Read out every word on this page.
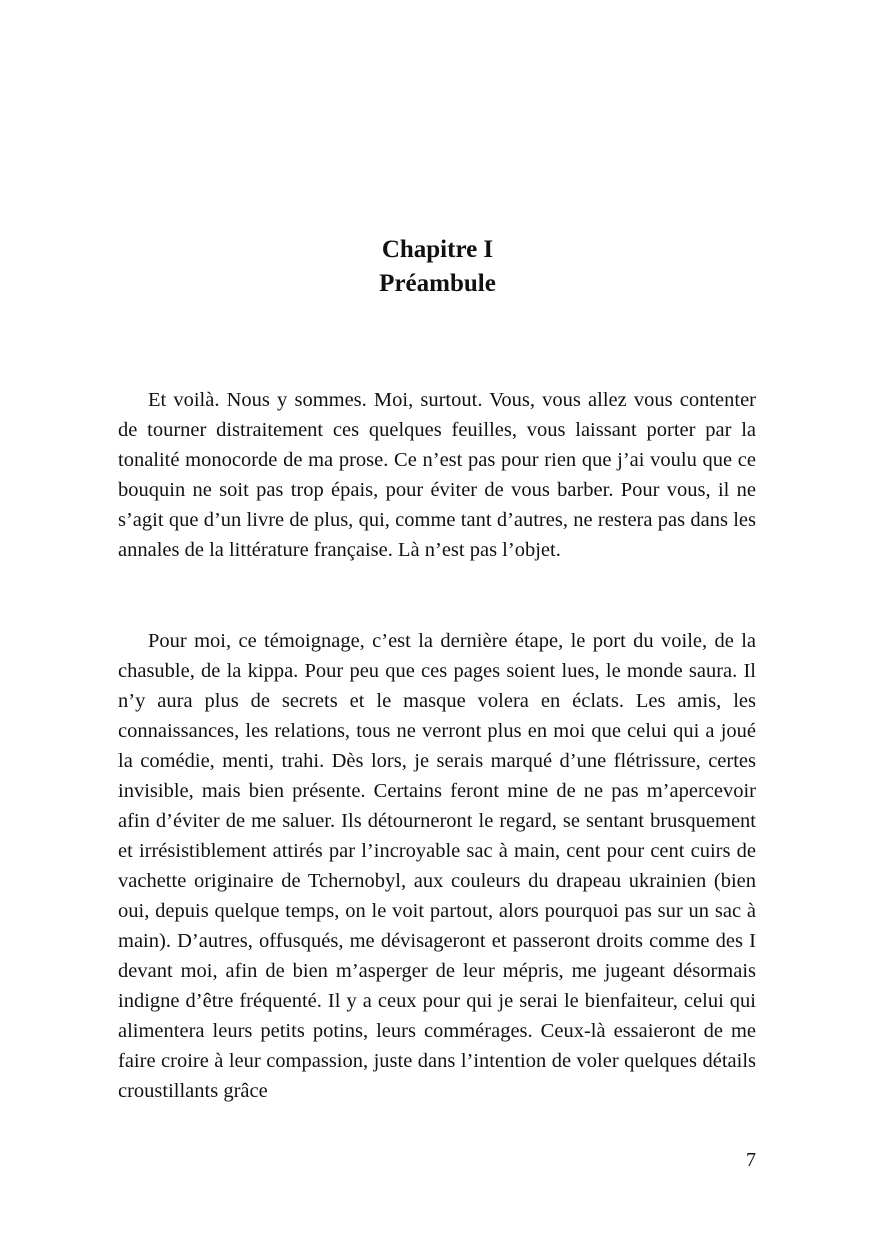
Chapitre I
Préambule

Et voilà. Nous y sommes. Moi, surtout. Vous, vous allez vous contenter de tourner distraitement ces quelques feuilles, vous laissant porter par la tonalité monocorde de ma prose. Ce n’est pas pour rien que j’ai voulu que ce bouquin ne soit pas trop épais, pour éviter de vous barber. Pour vous, il ne s’agit que d’un livre de plus, qui, comme tant d’autres, ne restera pas dans les annales de la littérature française. Là n’est pas l’objet.

Pour moi, ce témoignage, c’est la dernière étape, le port du voile, de la chasuble, de la kippa. Pour peu que ces pages soient lues, le monde saura. Il n’y aura plus de secrets et le masque volera en éclats. Les amis, les connaissances, les relations, tous ne verront plus en moi que celui qui a joué la comédie, menti, trahi. Dès lors, je serais marqué d’une flétrissure, certes invisible, mais bien présente. Certains feront mine de ne pas m’apercevoir afin d’éviter de me saluer. Ils détourneront le regard, se sentant brusquement et irrésistiblement attirés par l’incroyable sac à main, cent pour cent cuirs de vachette originaire de Tchernobyl, aux couleurs du drapeau ukrainien (bien oui, depuis quelque temps, on le voit partout, alors pourquoi pas sur un sac à main). D’autres, offusqués, me dévisageront et passeront droits comme des I devant moi, afin de bien m’asperger de leur mépris, me jugeant désormais indigne d’être fréquenté. Il y a ceux pour qui je serai le bienfaiteur, celui qui alimentera leurs petits potins, leurs commérages. Ceux-là essaieront de me faire croire à leur compassion, juste dans l’intention de voler quelques détails croustillants grâce

7
